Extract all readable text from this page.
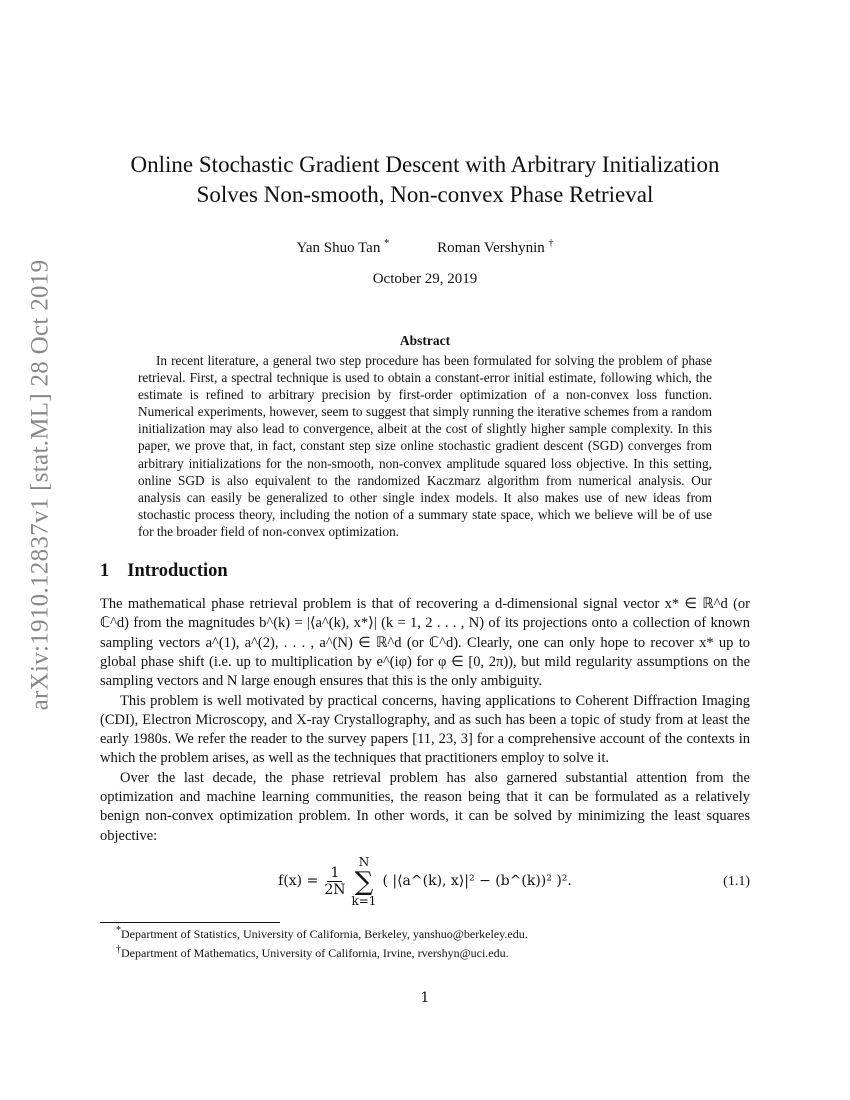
arXiv:1910.12837v1 [stat.ML] 28 Oct 2019
Online Stochastic Gradient Descent with Arbitrary Initialization
Solves Non-smooth, Non-convex Phase Retrieval
Yan Shuo Tan *	Roman Vershynin †
October 29, 2019
Abstract

In recent literature, a general two step procedure has been formulated for solving the problem of phase retrieval. First, a spectral technique is used to obtain a constant-error initial estimate, following which, the estimate is refined to arbitrary precision by first-order optimization of a non-convex loss function. Numerical experiments, however, seem to suggest that simply running the iterative schemes from a random initialization may also lead to convergence, albeit at the cost of slightly higher sample complexity. In this paper, we prove that, in fact, constant step size online stochastic gradient descent (SGD) converges from arbitrary initializations for the non-smooth, non-convex amplitude squared loss objective. In this setting, online SGD is also equivalent to the randomized Kaczmarz algorithm from numerical analysis. Our analysis can easily be generalized to other single index models. It also makes use of new ideas from stochastic process theory, including the notion of a summary state space, which we believe will be of use for the broader field of non-convex optimization.

1 Introduction

The mathematical phase retrieval problem is that of recovering a d-dimensional signal vector x* ∈ ℝ^d (or ℂ^d) from the magnitudes b^(k) = |⟨a^(k), x*⟩| (k = 1, 2 . . . , N) of its projections onto a collection of known sampling vectors a^(1), a^(2), . . . , a^(N) ∈ ℝ^d (or ℂ^d). Clearly, one can only hope to recover x* up to global phase shift (i.e. up to multiplication by e^(iφ) for φ ∈ [0, 2π)), but mild regularity assumptions on the sampling vectors and N large enough ensures that this is the only ambiguity.

This problem is well motivated by practical concerns, having applications to Coherent Diffraction Imaging (CDI), Electron Microscopy, and X-ray Crystallography, and as such has been a topic of study from at least the early 1980s. We refer the reader to the survey papers [11, 23, 3] for a comprehensive account of the contexts in which the problem arises, as well as the techniques that practitioners employ to solve it.

Over the last decade, the phase retrieval problem has also garnered substantial attention from the optimization and machine learning communities, the reason being that it can be formulated as a relatively benign non-convex optimization problem. In other words, it can be solved by minimizing the least squares objective:

$f(x) = \frac{1}{2N}$
N
∑
k=1
( |⟨a^(k), x⟩|² − (b^(k))² )².	(1.1)

*Department of Statistics, University of California, Berkeley, yanshuo@berkeley.edu.

†Department of Mathematics, University of California, Irvine, rvershyn@uci.edu.

1
